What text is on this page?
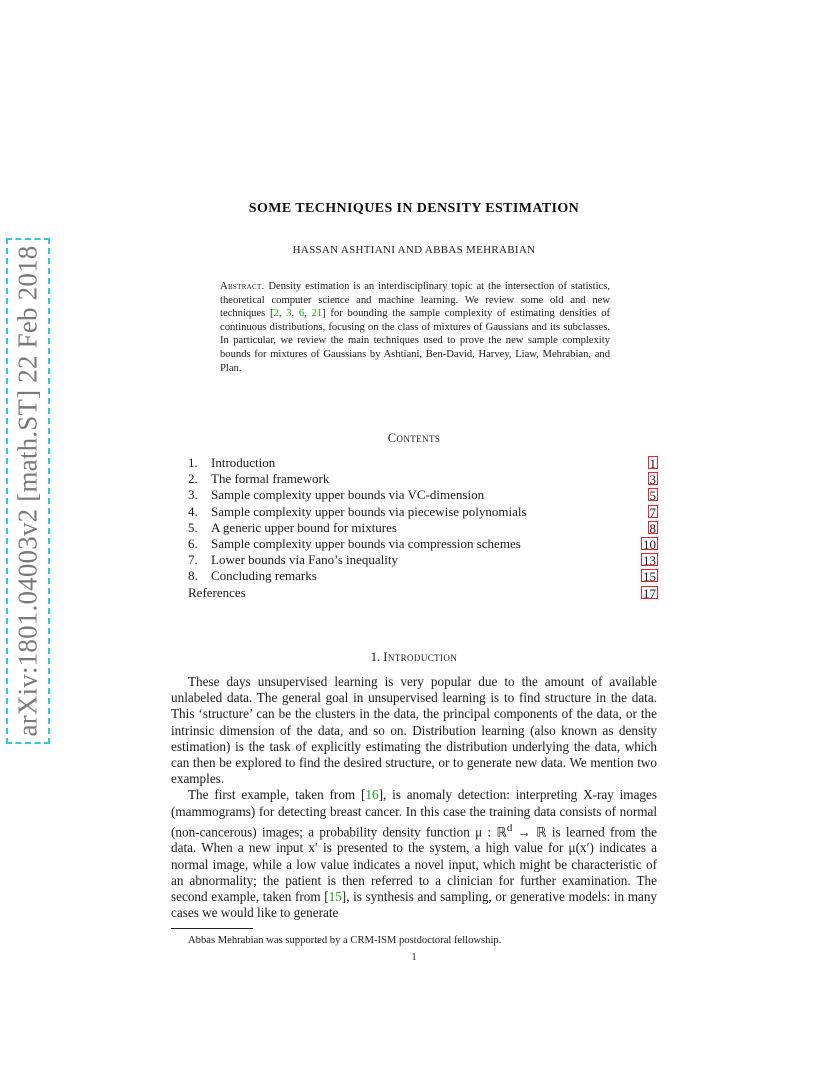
arXiv:1801.04003v2 [math.ST] 22 Feb 2018
SOME TECHNIQUES IN DENSITY ESTIMATION
HASSAN ASHTIANI AND ABBAS MEHRABIAN
Abstract. Density estimation is an interdisciplinary topic at the intersection of statistics, theoretical computer science and machine learning. We review some old and new techniques [2, 3, 6, 21] for bounding the sample complexity of estimating densities of continuous distributions, focusing on the class of mixtures of Gaussians and its subclasses. In particular, we review the main techniques used to prove the new sample complexity bounds for mixtures of Gaussians by Ashtiani, Ben-David, Harvey, Liaw, Mehrabian, and Plan.
Contents
1.	Introduction	1
2.	The formal framework	3
3.	Sample complexity upper bounds via VC-dimension	5
4.	Sample complexity upper bounds via piecewise polynomials	7
5.	A generic upper bound for mixtures	8
6.	Sample complexity upper bounds via compression schemes	10
7.	Lower bounds via Fano’s inequality	13
8.	Concluding remarks	15
References	17
1. Introduction

These days unsupervised learning is very popular due to the amount of available unlabeled data. The general goal in unsupervised learning is to find structure in the data. This ‘structure’ can be the clusters in the data, the principal components of the data, or the intrinsic dimension of the data, and so on. Distribution learning (also known as density estimation) is the task of explicitly estimating the distribution underlying the data, which can then be explored to find the desired structure, or to generate new data. We mention two examples.

The first example, taken from [16], is anomaly detection: interpreting X-ray images (mammograms) for detecting breast cancer. In this case the training data consists of normal (non-cancerous) images; a probability density function μ : ℝ$^d$ → ℝ is learned from the data. When a new input x′ is presented to the system, a high value for μ(x′) indicates a normal image, while a low value indicates a novel input, which might be characteristic of an abnormality; the patient is then referred to a clinician for further examination. The second example, taken from [15], is synthesis and sampling, or generative models: in many cases we would like to generate

Abbas Mehrabian was supported by a CRM-ISM postdoctoral fellowship.
1
